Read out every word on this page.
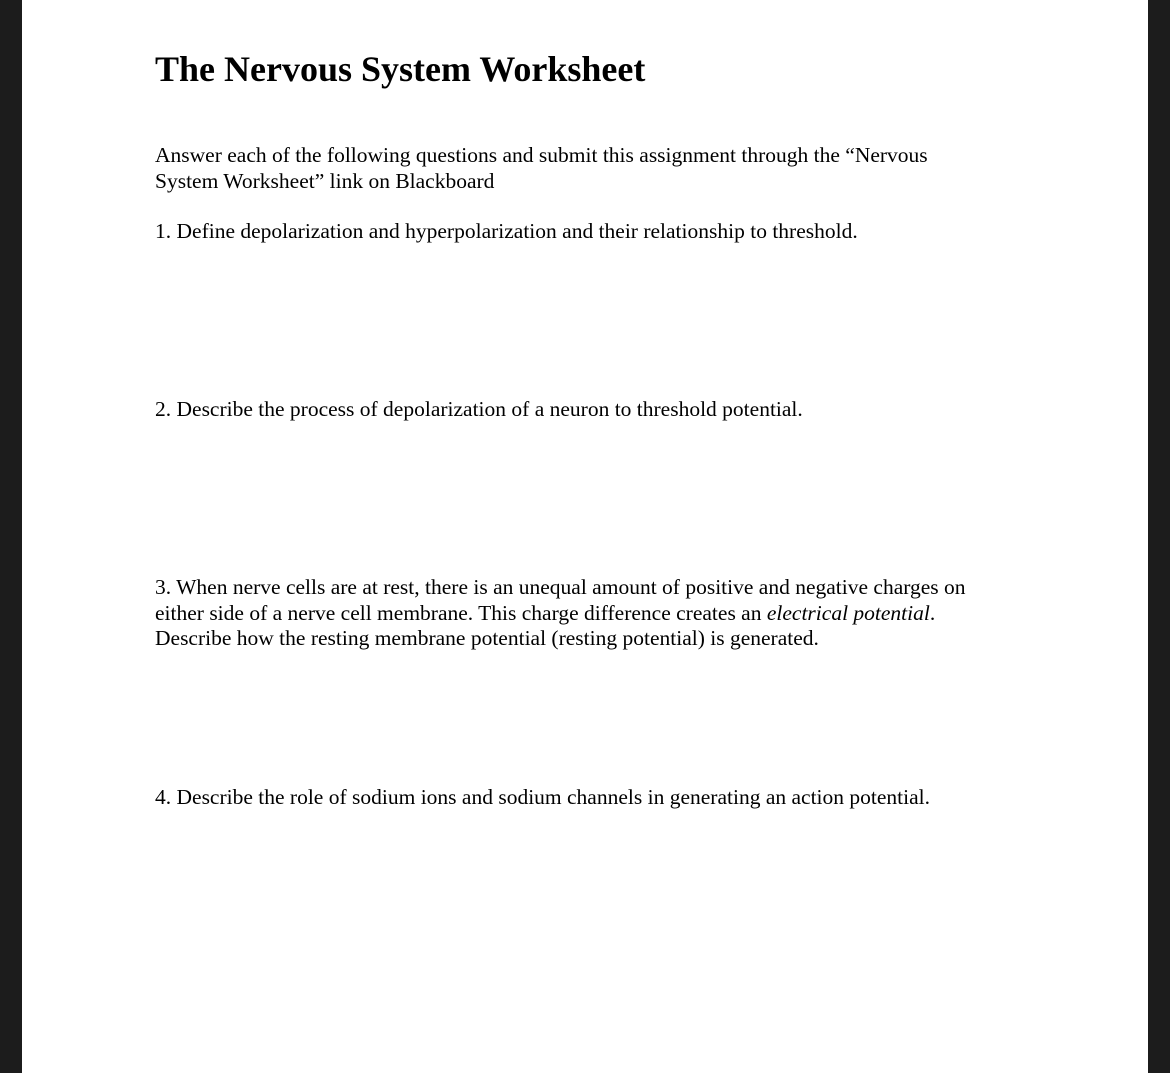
The Nervous System Worksheet

Answer each of the following questions and submit this assignment through the “Nervous
System Worksheet” link on Blackboard

1. Define depolarization and hyperpolarization and their relationship to threshold.

2. Describe the process of depolarization of a neuron to threshold potential.

3. When nerve cells are at rest, there is an unequal amount of positive and negative charges on
either side of a nerve cell membrane. This charge difference creates an electrical potential.
Describe how the resting membrane potential (resting potential) is generated.

4. Describe the role of sodium ions and sodium channels in generating an action potential.
